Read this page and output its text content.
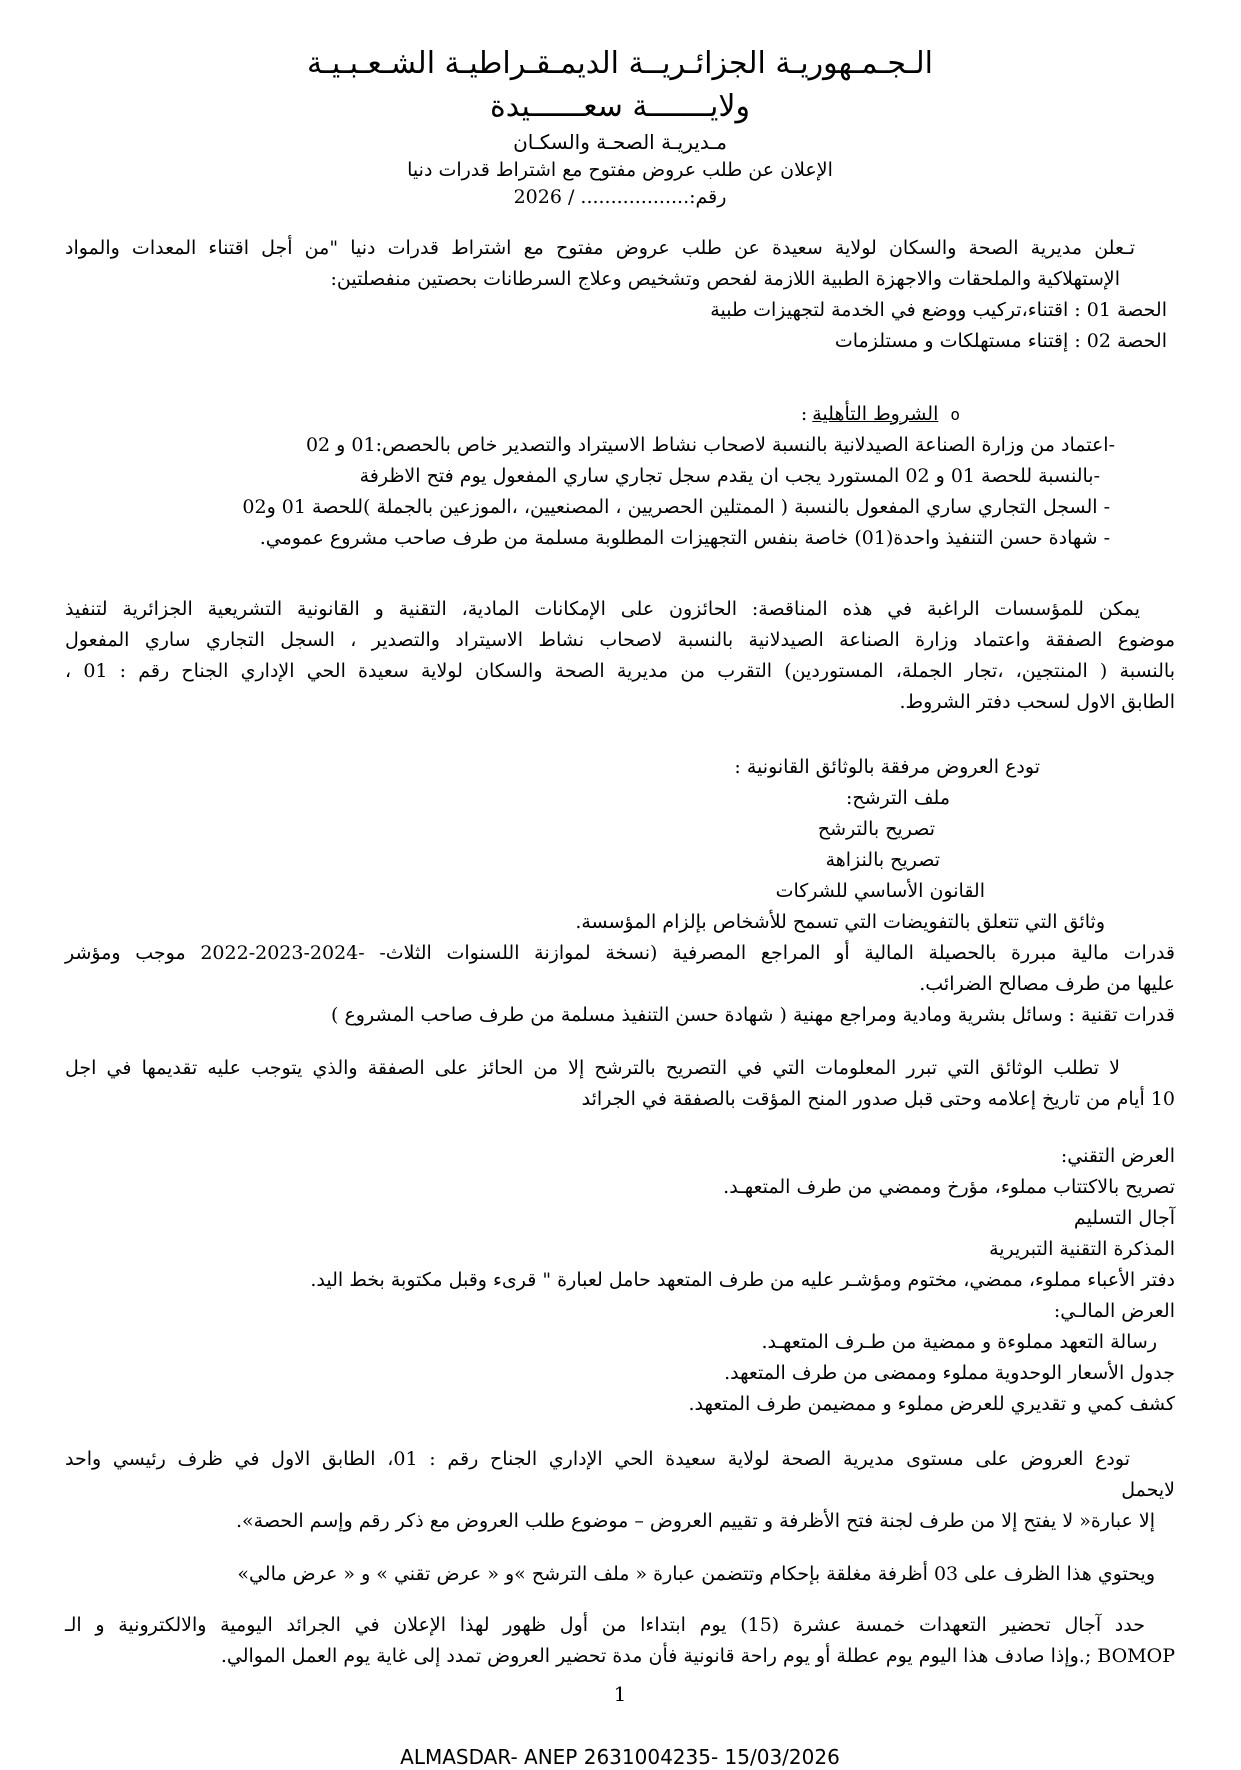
الـجـمـهوريـة الجزائـريــة الديمـقـراطيـة الشـعـبـيـة
ولايـــــــة سعــــــيدة
مـديريـة الصحـة والسكـان
الإعلان عن طلب عروض مفتوح مع اشتراط قدرات دنيا
رقم:.................. / 2026
تـعلن مديرية الصحة والسكان لولاية سعيدة عن طلب عروض مفتوح مع اشتراط قدرات دنيا "من أجل اقتناء المعدات والمواد
الإستهلاكية والملحقات والاجهزة الطبية اللازمة لفحص وتشخيص وعلاج السرطانات بحصتين منفصلتين:
الحصة 01 : اقتناء،تركيب ووضع في الخدمة لتجهيزات طبية
الحصة 02 : إقتناء مستهلكات و مستلزمات
oالشروط التأهلية:
-اعتماد من وزارة الصناعة الصيدلانية بالنسبة لاصحاب نشاط الاسيتراد والتصدير خاص بالحصص:01 و 02
-بالنسبة للحصة 01 و 02 المستورد يجب ان يقدم سجل تجاري ساري المفعول يوم فتح الاظرفة
- السجل التجاري ساري المفعول بالنسبة ( الممتلين الحصريين ، المصنعيين، ،الموزعين بالجملة )للحصة 01 و02
- شهادة حسن التنفيذ واحدة(01) خاصة بنفس التجهيزات المطلوبة مسلمة من طرف صاحب مشروع عمومي.
يمكن للمؤسسات الراغبة في هذه المناقصة: الحائزون على الإمكانات المادية، التقنية و القانونية التشريعية الجزائرية لتنفيذ
موضوع الصفقة واعتماد وزارة الصناعة الصيدلانية بالنسبة لاصحاب نشاط الاسيتراد والتصدير ، السجل التجاري ساري المفعول
بالنسبة ( المنتجين، ،تجار الجملة، المستوردين) التقرب من مديرية الصحة والسكان لولاية سعيدة الحي الإداري الجناح رقم : 01 ،
الطابق الاول لسحب دفتر الشروط.
تودع العروض مرفقة بالوثائق القانونية :
ملف الترشح:
تصريح بالترشح
تصريح بالنزاهة
القانون الأساسي للشركات
وثائق التي تتعلق بالتفويضات التي تسمح للأشخاص بإلزام المؤسسة.
قدرات مالية مبررة بالحصيلة المالية أو المراجع المصرفية (نسخة لموازنة اللسنوات الثلاث- -2024-2023-2022 موجب ومؤشر
عليها من طرف مصالح الضرائب.
قدرات تقنية : وسائل بشرية ومادية ومراجع مهنية ( شهادة حسن التنفيذ مسلمة من طرف صاحب المشروع )
لا تطلب الوثائق التي تبرر المعلومات التي في التصريح بالترشح إلا من الحائز على الصفقة والذي يتوجب عليه تقديمها في اجل
10 أيام من تاريخ إعلامه وحتى قبل صدور المنح المؤقت بالصفقة في الجرائد
العرض التقني:
تصريح بالاكتتاب مملوء، مؤرخ وممضي من طرف المتعهـد.
آجال التسليم
المذكرة التقنية التبريرية
دفتر الأعباء مملوء، ممضي، مختوم ومؤشـر عليه من طرف المتعهد حامل لعبارة " قرىء وقبل مكتوبة بخط اليد.
العرض المالـي:
رسالة التعهد مملوءة و ممضية من طـرف المتعهـد.
جدول الأسعار الوحدوية مملوء وممضى من طرف المتعهد.
كشف كمي و تقديري للعرض مملوء و ممضيمن طرف المتعهد.
تودع العروض على مستوى مديرية الصحة لولاية سعيدة الحي الإداري الجناح رقم : 01، الطابق الاول في ظرف رئيسي واحد
لايحمل
إلا عبارة« لا يفتح إلا من طرف لجنة فتح الأظرفة و تقييم العروض – موضوع طلب العروض مع ذكر رقم وإسم الحصة».
ويحتوي هذا الظرف على 03 أظرفة مغلقة بإحكام وتتضمن عبارة « ملف الترشح »و « عرض تقني » و « عرض مالي»
حدد آجال تحضير التعهدات خمسة عشرة (15) يوم ابتداءا من أول ظهور لهذا الإعلان في الجرائد اليومية والالكترونية و الـ
BOMOP ;.وإذا صادف هذا اليوم يوم عطلة أو يوم راحة قانونية فأن مدة تحضير العروض تمدد إلى غاية يوم العمل الموالي.
1
ALMASDAR- ANEP 2631004235- 15/03/2026
